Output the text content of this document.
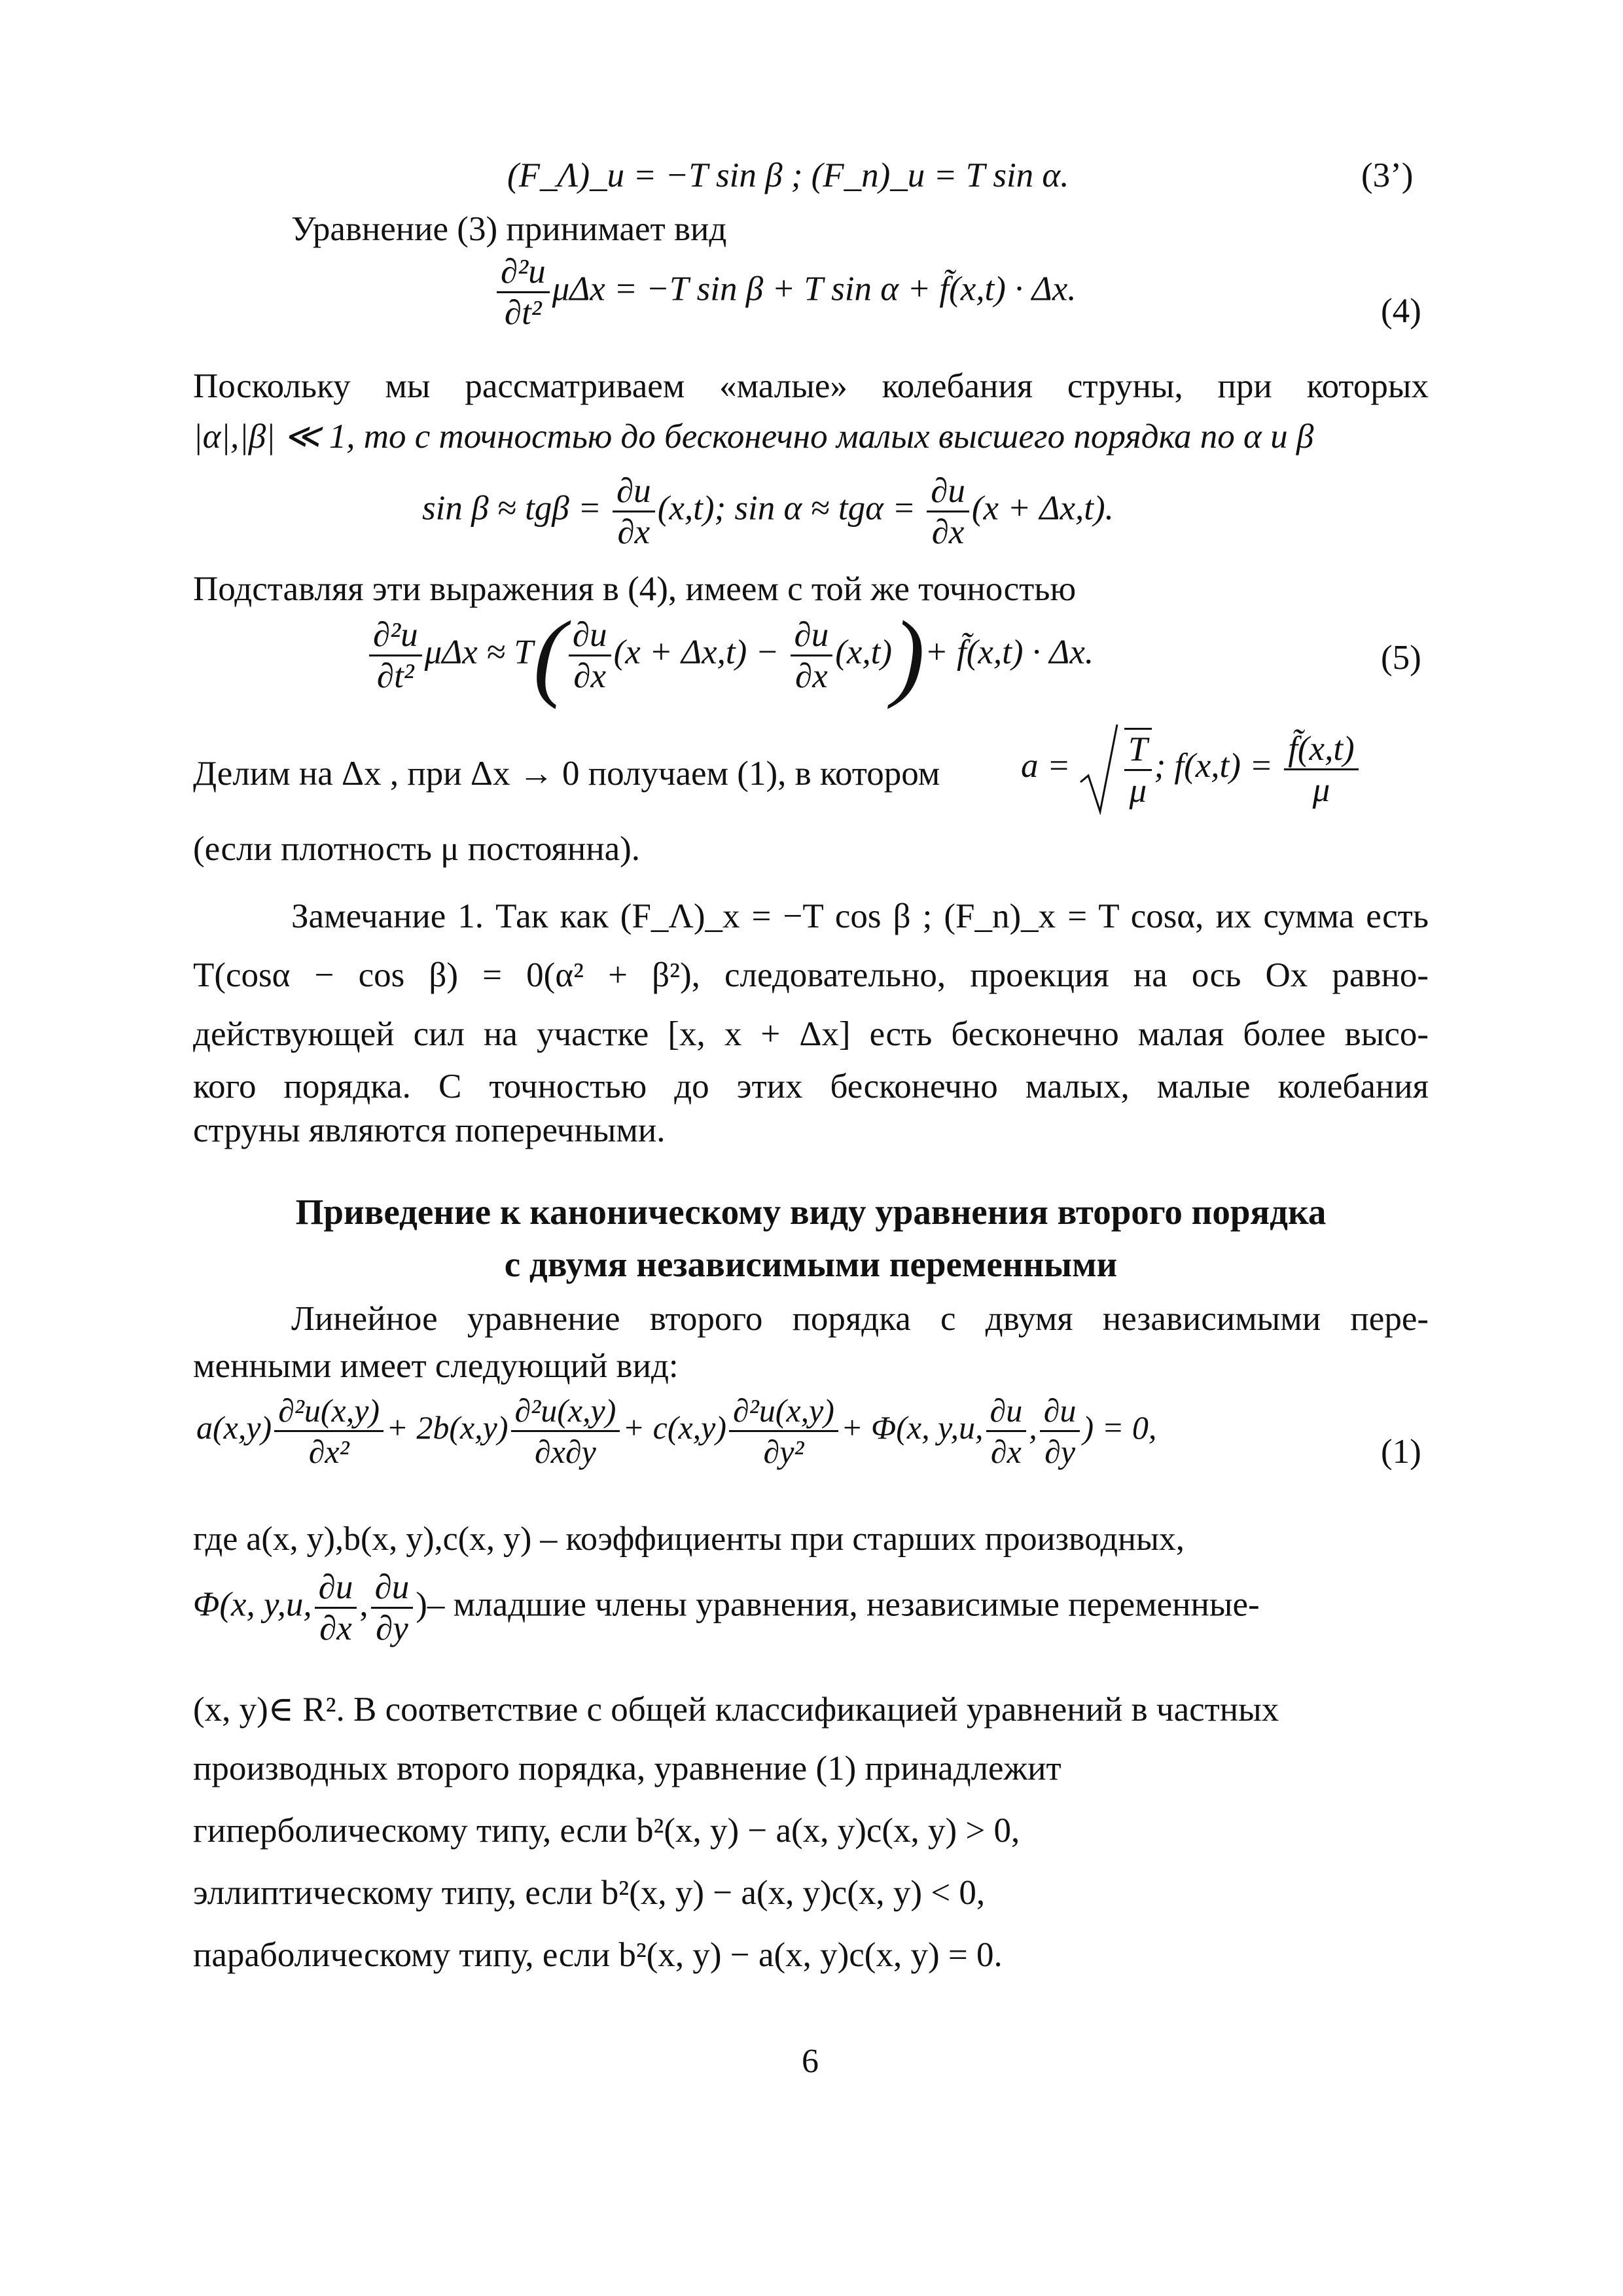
(F_Λ)_u = −T sin β ; (F_n)_u = T sin α.	(3’)
Уравнение (3) принимает вид
$\frac{\text{∂²u}}{\text{∂t²}}$ μΔx = −T sin β + T sin α + f̃(x,t) · Δx.
(4)
Поскольку мы рассматриваем «малые» колебания струны, при которых
|α|,|β| ≪ 1, то с точностью до бесконечно малых высшего порядка по α и β
$\sin \beta \approx tg\beta = \frac{\partial u}{\partial x} (x,t)$; $\sin \alpha \approx tg\alpha = \frac{\partial u}{\partial x} (x + \Delta x,t)$.
Подставляя эти выражения в (4), имеем с той же точностью
$\frac{\text{∂²u}}{\text{∂t²}}$ $\mu\Delta x \approx T( \frac{\partial u}{\partial x} (x + \Delta x,t) - \frac{\partial u}{\partial x} (x,t))+$ f̃(x,t) · Δx.	(5)
Делим на Δx , при Δx → 0 получаем (1), в котором $a = \frac{T}{\mu}$ ; $f(x,t) = \frac{f̃(x,t)}{\mu}$
(если плотность μ постоянна).
Замечание 1. Так как (F_Λ)_x = −T cos β ; (F_n)_x = T cosα, их сумма есть
T(cosα − cos β) = 0(α² + β²), следовательно, проекция на ось Ox равно-
действующей сил на участке [x, x + Δx] есть бесконечно малая более высо-
кого порядка. С точностью до этих бесконечно малых, малые колебания
струны являются поперечными.
Приведение к каноническому виду уравнения второго порядка
с двумя независимыми переменными
Линейное уравнение второго порядка с двумя независимыми пере-
менными имеет следующий вид:
$a(x,y) \frac{\text{∂²u(x,y)}}{\text{∂x²}} + 2b(x,y) \frac{\text{∂²u(x,y)}}{\partial x\partial y} + c(x,y) \frac{\text{∂²u(x,y)}}{\text{∂y²}} + \Phi(x$, y,u, $\frac{\partial u}{\partial x}$ , $\frac{\partial u}{\partial y}$ ) = 0,
(1)
где a(x, y),b(x, y),c(x, y) – коэффициенты при старших производных,
Φ(x, y,u, $\frac{\partial u}{\partial x}$ , $\frac{\partial u}{\partial y}$ )– младшие члены уравнения, независимые переменные-
(x, y)∈ R². В соответствие с общей классификацией уравнений в частных
производных второго порядка, уравнение (1) принадлежит
гиперболическому типу, если b²(x, y) − a(x, y)c(x, y) > 0,
эллиптическому типу, если b²(x, y) − a(x, y)c(x, y) < 0,
параболическому типу, если b²(x, y) − a(x, y)c(x, y) = 0.
6
